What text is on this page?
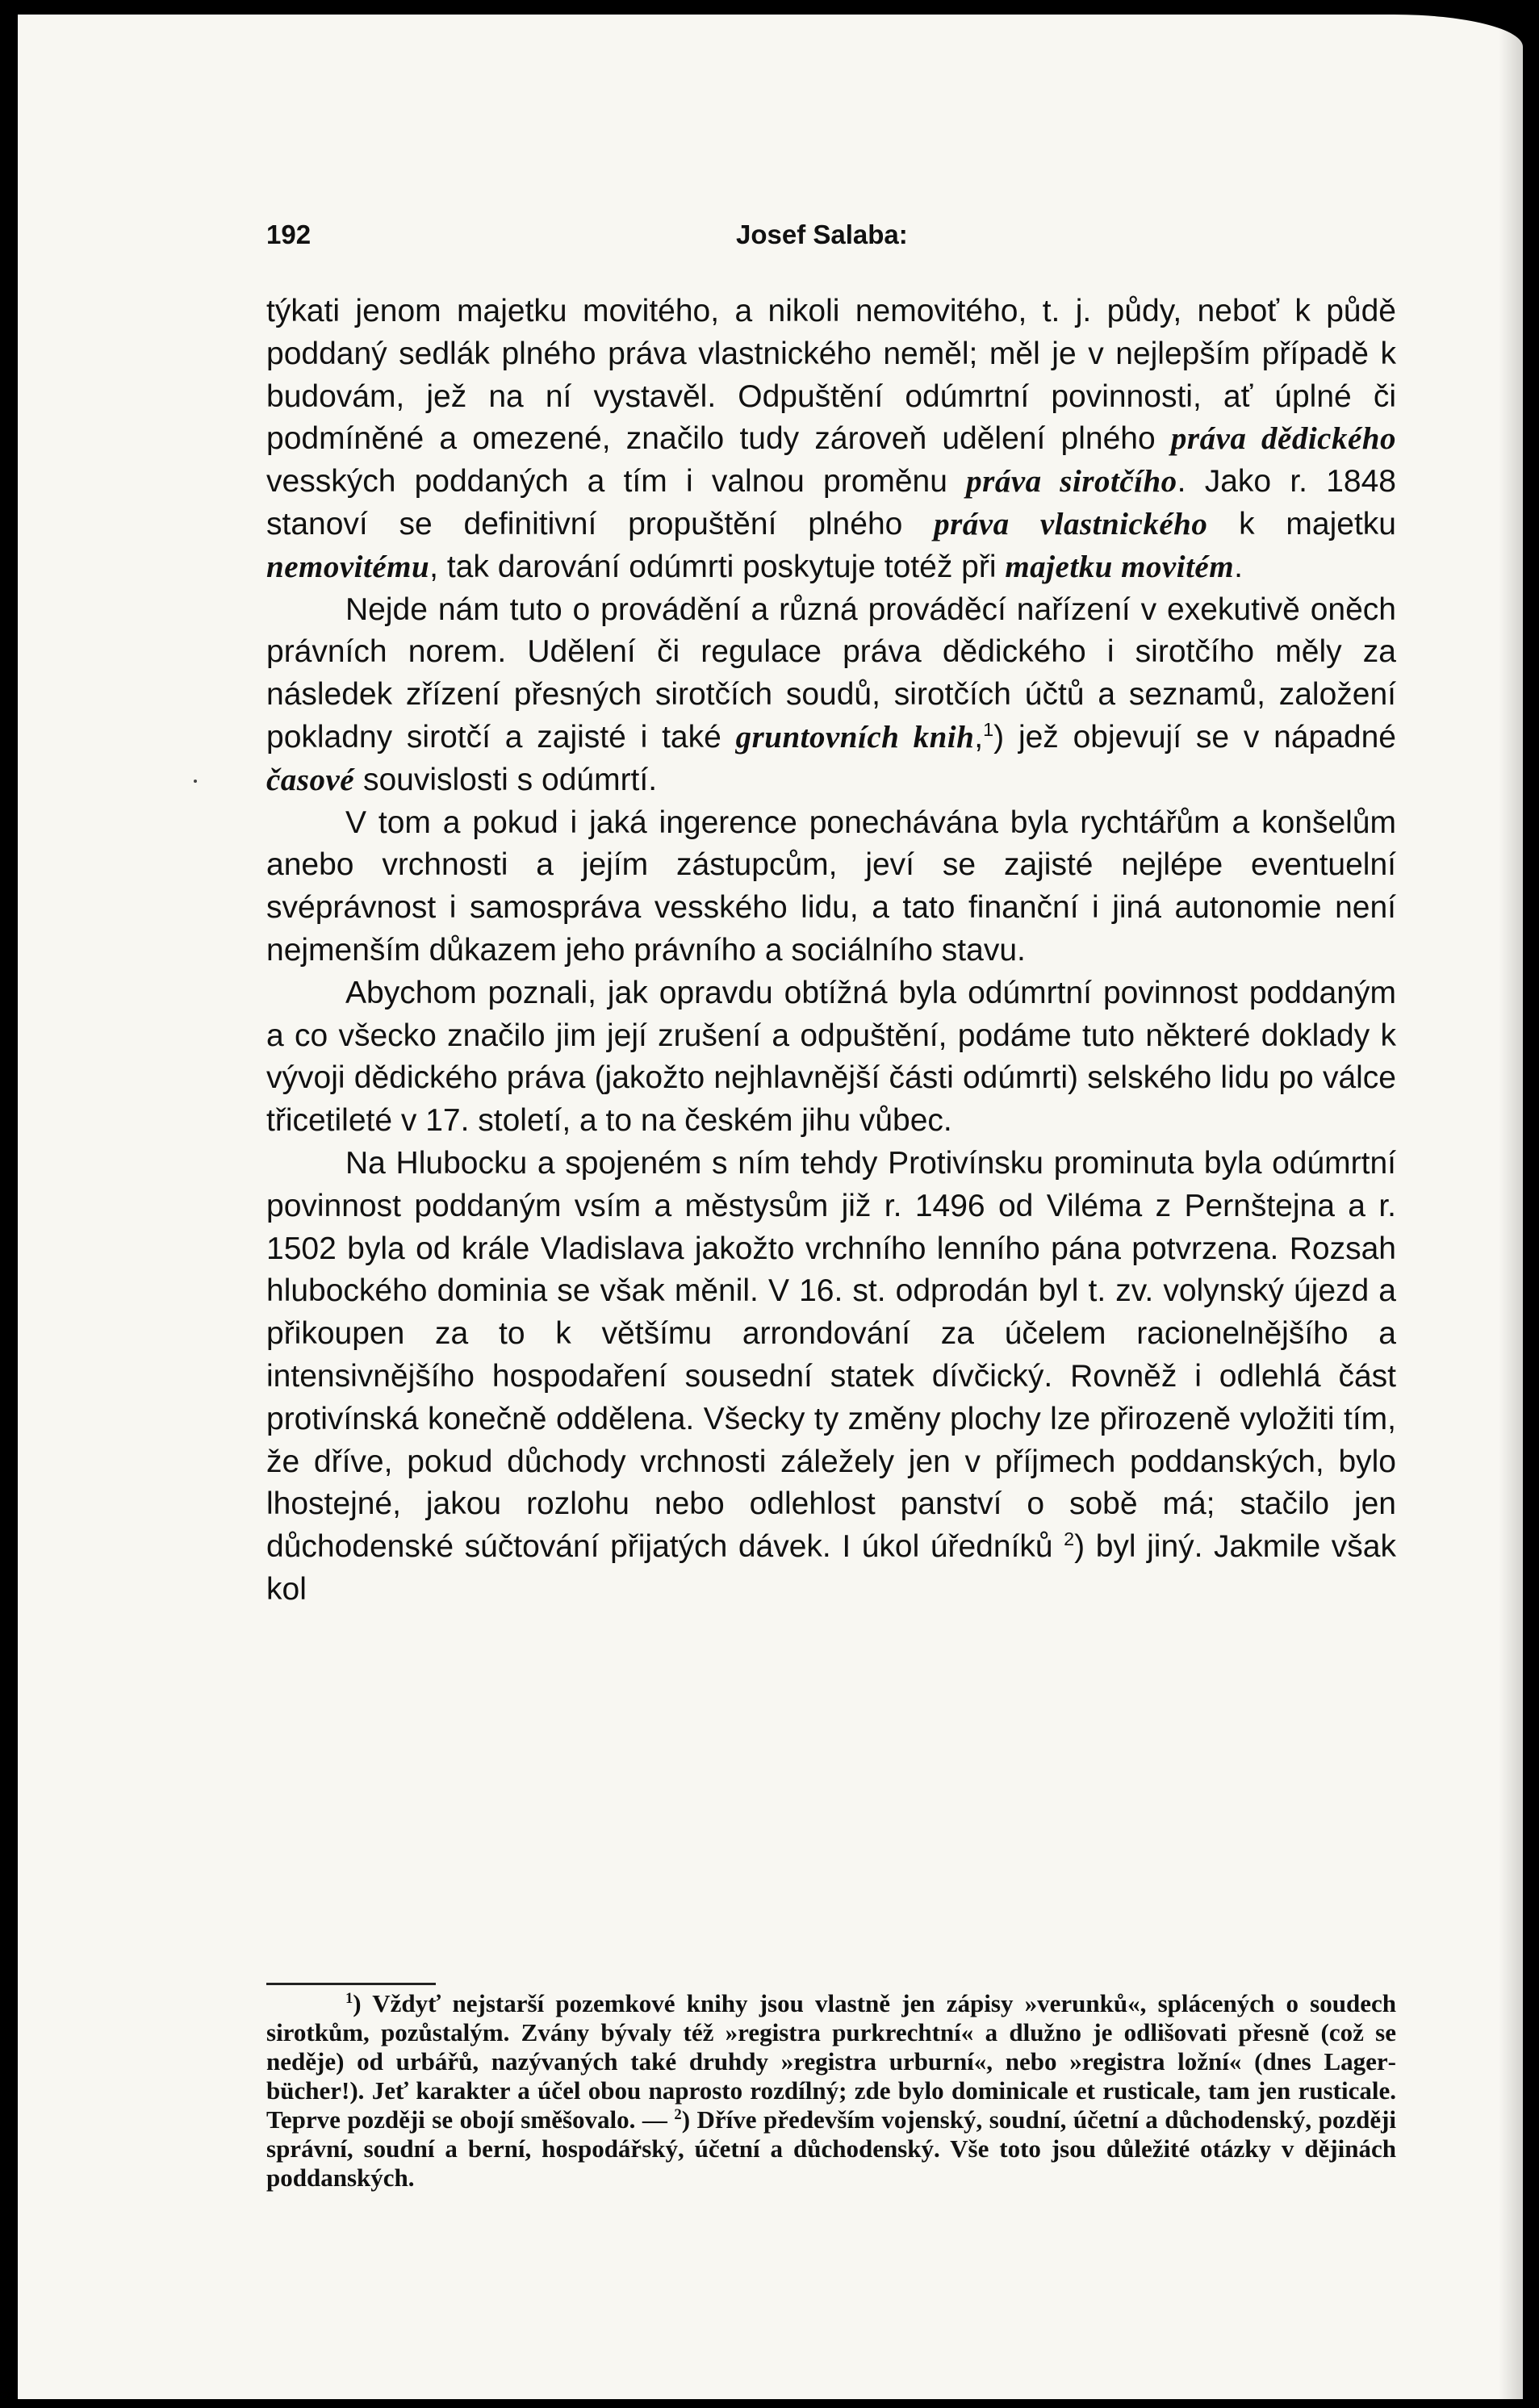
192	Josef Salaba:

týkati jenom majetku movitého, a nikoli nemovitého, t. j. půdy, neboť k půdě poddaný sedlák plného práva vlastnického neměl; měl je v nejlepším případě k budovám, jež na ní vystavěl. Odpuštění odúmrtní povinnosti, ať úplné či podmíněné a omezené, značilo tudy zároveň udělení plného práva dědického vesských poddaných a tím i valnou proměnu práva sirotčího. Jako r. 1848 stanoví se definitivní propuštění plného práva vlastnického k majetku nemovitému, tak darování odúmrti poskytuje totéž při majetku movitém.

Nejde nám tuto o provádění a různá prováděcí nařízení v exekutivě oněch právních norem. Udělení či regulace práva dědického i sirotčího měly za následek zřízení přesných sirotčích soudů, sirotčích účtů a seznamů, založení pokladny sirotčí a zajisté i také gruntovních knih,$^1$) jež objevují se v nápadné časové souvislosti s odúmrtí.

V tom a pokud i jaká ingerence ponechávána byla rychtářům a konšelům anebo vrchnosti a jejím zástupcům, jeví se zajisté nejlépe eventuelní svéprávnost i samospráva vesského lidu, a tato finanční i jiná autonomie není nejmenším důkazem jeho právního a sociálního stavu.

Abychom poznali, jak opravdu obtížná byla odúmrtní povinnost poddaným a co všecko značilo jim její zrušení a odpuštění, podáme tuto některé doklady k vývoji dědického práva (jakožto nejhlavnější části odúmrti) selského lidu po válce třicetileté v 17. století, a to na českém jihu vůbec.

Na Hlubocku a spojeném s ním tehdy Protivínsku prominuta byla odúmrtní povinnost poddaným vsím a městysům již r. 1496 od Viléma z Pernštejna a r. 1502 byla od krále Vladislava jakožto vrchního lenního pána potvrzena. Rozsah hlubockého dominia se však měnil. V 16. st. odprodán byl t. zv. volynský újezd a přikoupen za to k většímu arrondování za účelem racionelnějšího a intensivnějšího hospodaření sousední statek dívčický. Rovněž i odlehlá část protivínská konečně oddělena. Všecky ty změny plochy lze přirozeně vyložiti tím, že dříve, pokud důchody vrchnosti záležely jen v příjmech poddanských, bylo lhostejné, jakou rozlohu nebo odlehlost panství o sobě má; stačilo jen důchodenské súčtování přijatých dávek. I úkol úředníků $^2$) byl jiný. Jakmile však kol

$^1$) Vždyť nejstarší pozemkové knihy jsou vlastně jen zápisy »verunků«, splácených o soudech sirotkům, pozůstalým. Zvány bývaly též »registra purkrechtní« a dlužno je odlišovati přesně (což se neděje) od urbářů, nazývaných také druhdy »registra urburní«, nebo »registra ložní« (dnes Lagerbücher!). Jeť karakter a účel obou naprosto rozdílný; zde bylo dominicale et rusticale, tam jen rusticale. Teprve později se obojí směšovalo. — $^2$) Dříve především vojenský, soudní, účetní a důchodenský, později správní, soudní a berní, hospodářský, účetní a důchodenský. Vše toto jsou důležité otázky v dějinách poddanských.
